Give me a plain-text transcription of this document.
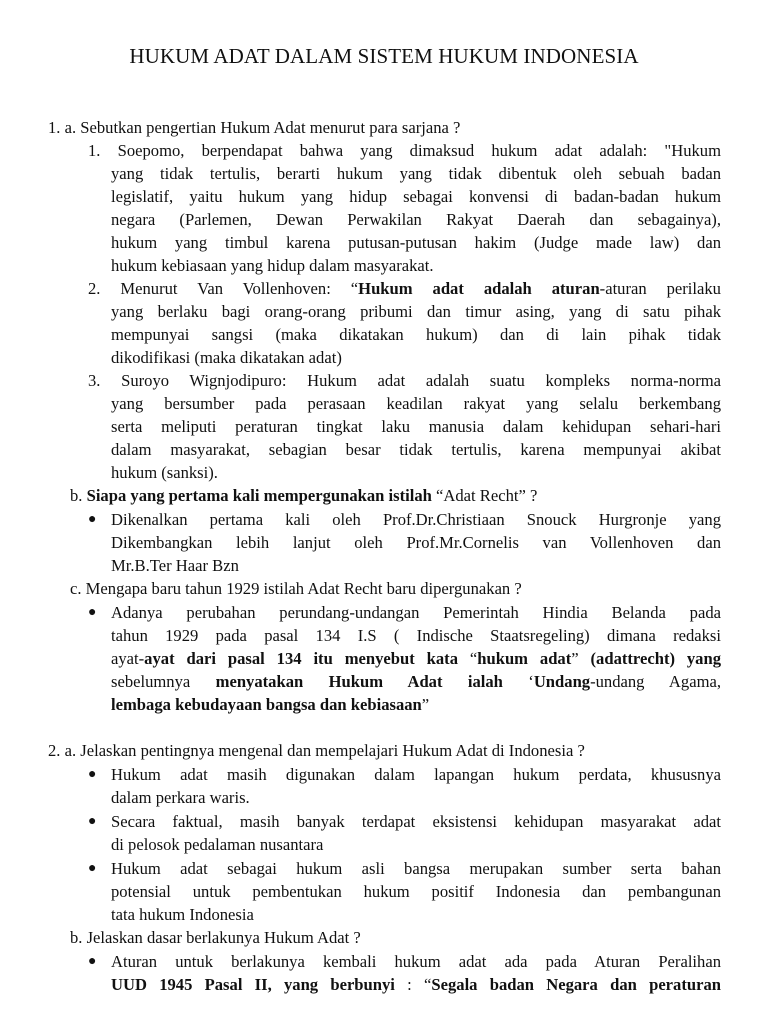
HUKUM ADAT DALAM SISTEM HUKUM INDONESIA
1. a. Sebutkan pengertian Hukum Adat menurut para sarjana ?
1. Soepomo, berpendapat bahwa yang dimaksud hukum adat adalah: "Hukum
yang tidak tertulis, berarti hukum yang tidak dibentuk oleh sebuah badan
legislatif, yaitu hukum yang hidup sebagai konvensi di badan-badan hukum
negara (Parlemen, Dewan Perwakilan Rakyat Daerah dan sebagainya),
hukum yang timbul karena putusan-putusan hakim (Judge made law) dan
hukum kebiasaan yang hidup dalam masyarakat.
2. Menurut Van Vollenhoven: “Hukum adat adalah aturan-aturan perilaku
yang berlaku bagi orang-orang pribumi dan timur asing, yang di satu pihak
mempunyai sangsi (maka dikatakan hukum) dan di lain pihak tidak
dikodifikasi (maka dikatakan adat)
3. Suroyo Wignjodipuro: Hukum adat adalah suatu kompleks norma-norma
yang bersumber pada perasaan keadilan rakyat yang selalu berkembang
serta meliputi peraturan tingkat laku manusia dalam kehidupan sehari-hari
dalam masyarakat, sebagian besar tidak tertulis, karena mempunyai akibat
hukum (sanksi).
b. Siapa yang pertama kali mempergunakan istilah “Adat Recht” ?
● Dikenalkan pertama kali oleh Prof.Dr.Christiaan Snouck Hurgronje yang
Dikembangkan lebih lanjut oleh Prof.Mr.Cornelis van Vollenhoven dan
Mr.B.Ter Haar Bzn
c. Mengapa baru tahun 1929 istilah Adat Recht baru dipergunakan ?
● Adanya perubahan perundang-undangan Pemerintah Hindia Belanda pada
tahun 1929 pada pasal 134 I.S ( Indische Staatsregeling) dimana redaksi
ayat-ayat dari pasal 134 itu menyebut kata “hukum adat” (adattrecht) yang
sebelumnya menyatakan Hukum Adat ialah ‘Undang-undang Agama,
lembaga kebudayaan bangsa dan kebiasaan”
2. a. Jelaskan pentingnya mengenal dan mempelajari Hukum Adat di Indonesia ?
● Hukum adat masih digunakan dalam lapangan hukum perdata, khususnya
dalam perkara waris.
● Secara faktual, masih banyak terdapat eksistensi kehidupan masyarakat adat
di pelosok pedalaman nusantara
● Hukum adat sebagai hukum asli bangsa merupakan sumber serta bahan
potensial untuk pembentukan hukum positif Indonesia dan pembangunan
tata hukum Indonesia
b. Jelaskan dasar berlakunya Hukum Adat ?
● Aturan untuk berlakunya kembali hukum adat ada pada Aturan Peralihan
UUD 1945 Pasal II, yang berbunyi : “Segala badan Negara dan peraturan
